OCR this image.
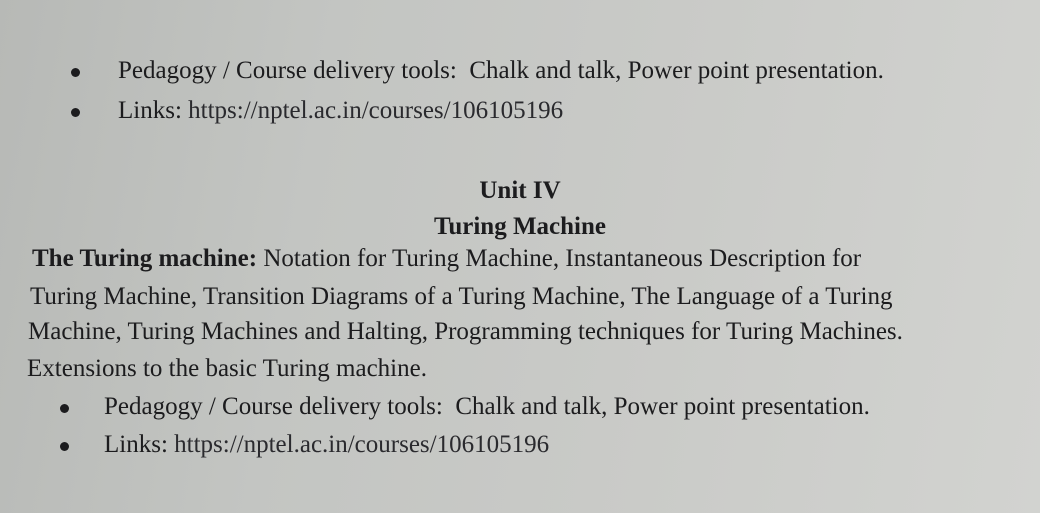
Pedagogy / Course delivery tools: Chalk and talk, Power point presentation.
Links: https://nptel.ac.in/courses/106105196
Unit IV
Turing Machine
The Turing machine: Notation for Turing Machine, Instantaneous Description for
Turing Machine, Transition Diagrams of a Turing Machine, The Language of a Turing
Machine, Turing Machines and Halting, Programming techniques for Turing Machines.
Extensions to the basic Turing machine.
Pedagogy / Course delivery tools: Chalk and talk, Power point presentation.
Links: https://nptel.ac.in/courses/106105196
